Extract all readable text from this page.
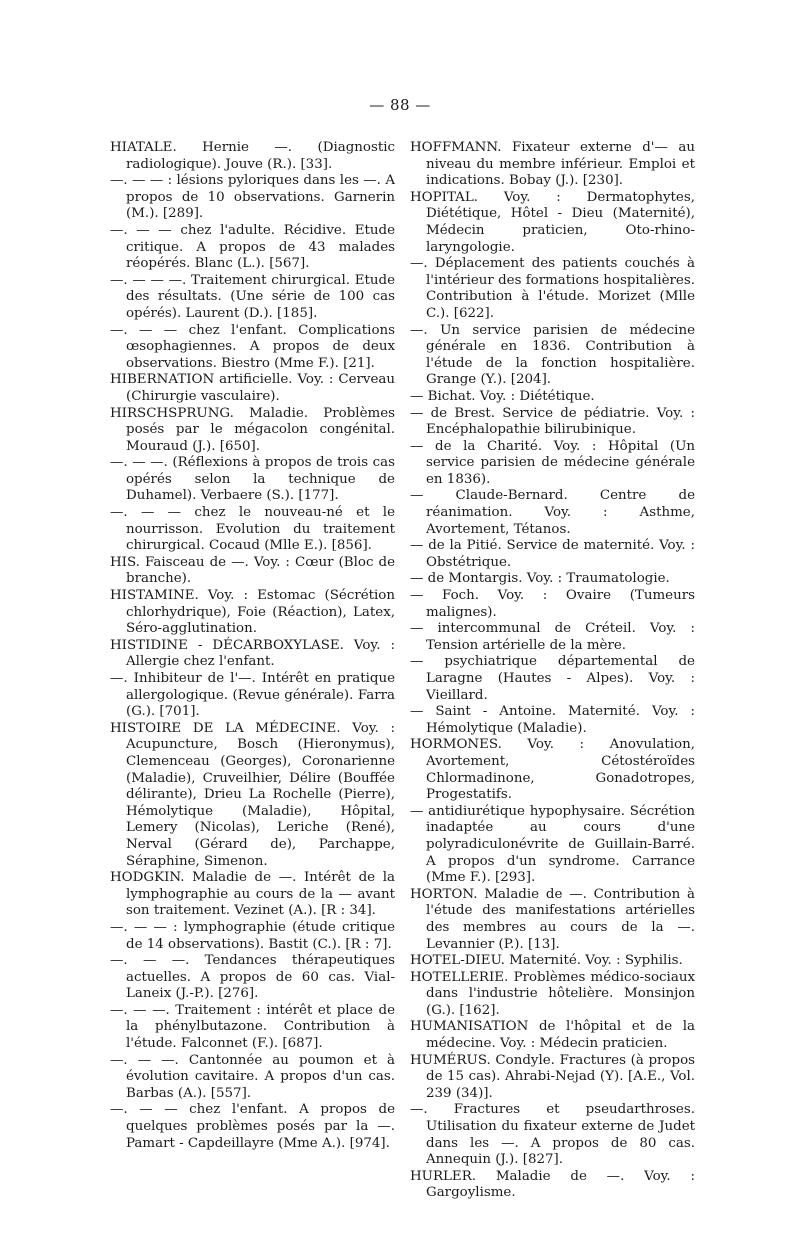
— 88 —

HIATALE. Hernie —. (Diagnostic radiologique). Jouve (R.). [33].

—. — — : lésions pyloriques dans les —. A propos de 10 observations. Garnerin (M.). [289].

—. — — chez l'adulte. Récidive. Etude critique. A propos de 43 malades réopérés. Blanc (L.). [567].

—. — — —. Traitement chirurgical. Etude des résultats. (Une série de 100 cas opérés). Laurent (D.). [185].

—. — — chez l'enfant. Complications œsophagiennes. A propos de deux observations. Biestro (Mme F.). [21].

HIBERNATION artificielle. Voy. : Cerveau (Chirurgie vasculaire).

HIRSCHSPRUNG. Maladie. Problèmes posés par le mégacolon congénital. Mouraud (J.). [650].

—. — —. (Réflexions à propos de trois cas opérés selon la technique de Duhamel). Verbaere (S.). [177].

—. — — chez le nouveau-né et le nourrisson. Evolution du traitement chirurgical. Cocaud (Mlle E.). [856].

HIS. Faisceau de —. Voy. : Cœur (Bloc de branche).

HISTAMINE. Voy. : Estomac (Sécrétion chlorhydrique), Foie (Réaction), Latex, Séro-agglutination.

HISTIDINE - DÉCARBOXYLASE. Voy. : Allergie chez l'enfant.

—. Inhibiteur de l'—. Intérêt en pratique allergologique. (Revue générale). Farra (G.). [701].

HISTOIRE DE LA MÉDECINE. Voy. : Acupuncture, Bosch (Hieronymus), Clemenceau (Georges), Coronarienne (Maladie), Cruveilhier, Délire (Bouffée délirante), Drieu La Rochelle (Pierre), Hémolytique (Maladie), Hôpital, Lemery (Nicolas), Leriche (René), Nerval (Gérard de), Parchappe, Séraphine, Simenon.

HODGKIN. Maladie de —. Intérêt de la lymphographie au cours de la — avant son traitement. Vezinet (A.). [R : 34].

—. — — : lymphographie (étude critique de 14 observations). Bastit (C.). [R : 7].

—. — —. Tendances thérapeutiques actuelles. A propos de 60 cas. Vial-Laneix (J.-P.). [276].

—. — —. Traitement : intérêt et place de la phénylbutazone. Contribution à l'étude. Falconnet (F.). [687].

—. — —. Cantonnée au poumon et à évolution cavitaire. A propos d'un cas. Barbas (A.). [557].

—. — — chez l'enfant. A propos de quelques problèmes posés par la —. Pamart - Capdeillayre (Mme A.). [974].

HOFFMANN. Fixateur externe d'— au niveau du membre inférieur. Emploi et indications. Bobay (J.). [230].

HOPITAL. Voy. : Dermatophytes, Diététique, Hôtel - Dieu (Maternité), Médecin praticien, Oto-rhino-laryngologie.

—. Déplacement des patients couchés à l'intérieur des formations hospitalières. Contribution à l'étude. Morizet (Mlle C.). [622].

—. Un service parisien de médecine générale en 1836. Contribution à l'étude de la fonction hospitalière. Grange (Y.). [204].

— Bichat. Voy. : Diététique.

— de Brest. Service de pédiatrie. Voy. : Encéphalopathie bilirubinique.

— de la Charité. Voy. : Hôpital (Un service parisien de médecine générale en 1836).

— Claude-Bernard. Centre de réanimation. Voy. : Asthme, Avortement, Tétanos.

— de la Pitié. Service de maternité. Voy. : Obstétrique.

— de Montargis. Voy. : Traumatologie.

— Foch. Voy. : Ovaire (Tumeurs malignes).

— intercommunal de Créteil. Voy. : Tension artérielle de la mère.

— psychiatrique départemental de Laragne (Hautes - Alpes). Voy. : Vieillard.

— Saint - Antoine. Maternité. Voy. : Hémolytique (Maladie).

HORMONES. Voy. : Anovulation, Avortement, Cétostéroïdes Chlormadinone, Gonadotropes, Progestatifs.

— antidiurétique hypophysaire. Sécrétion inadaptée au cours d'une polyradiculonévrite de Guillain-Barré. A propos d'un syndrome. Carrance (Mme F.). [293].

HORTON. Maladie de —. Contribution à l'étude des manifestations artérielles des membres au cours de la —. Levannier (P.). [13].

HOTEL-DIEU. Maternité. Voy. : Syphilis.

HOTELLERIE. Problèmes médico-sociaux dans l'industrie hôtelière. Monsinjon (G.). [162].

HUMANISATION de l'hôpital et de la médecine. Voy. : Médecin praticien.

HUMÉRUS. Condyle. Fractures (à propos de 15 cas). Ahrabi-Nejad (Y). [A.E., Vol. 239 (34)].

—. Fractures et pseudarthroses. Utilisation du fixateur externe de Judet dans les —. A propos de 80 cas. Annequin (J.). [827].

HURLER. Maladie de —. Voy. : Gargoylisme.
